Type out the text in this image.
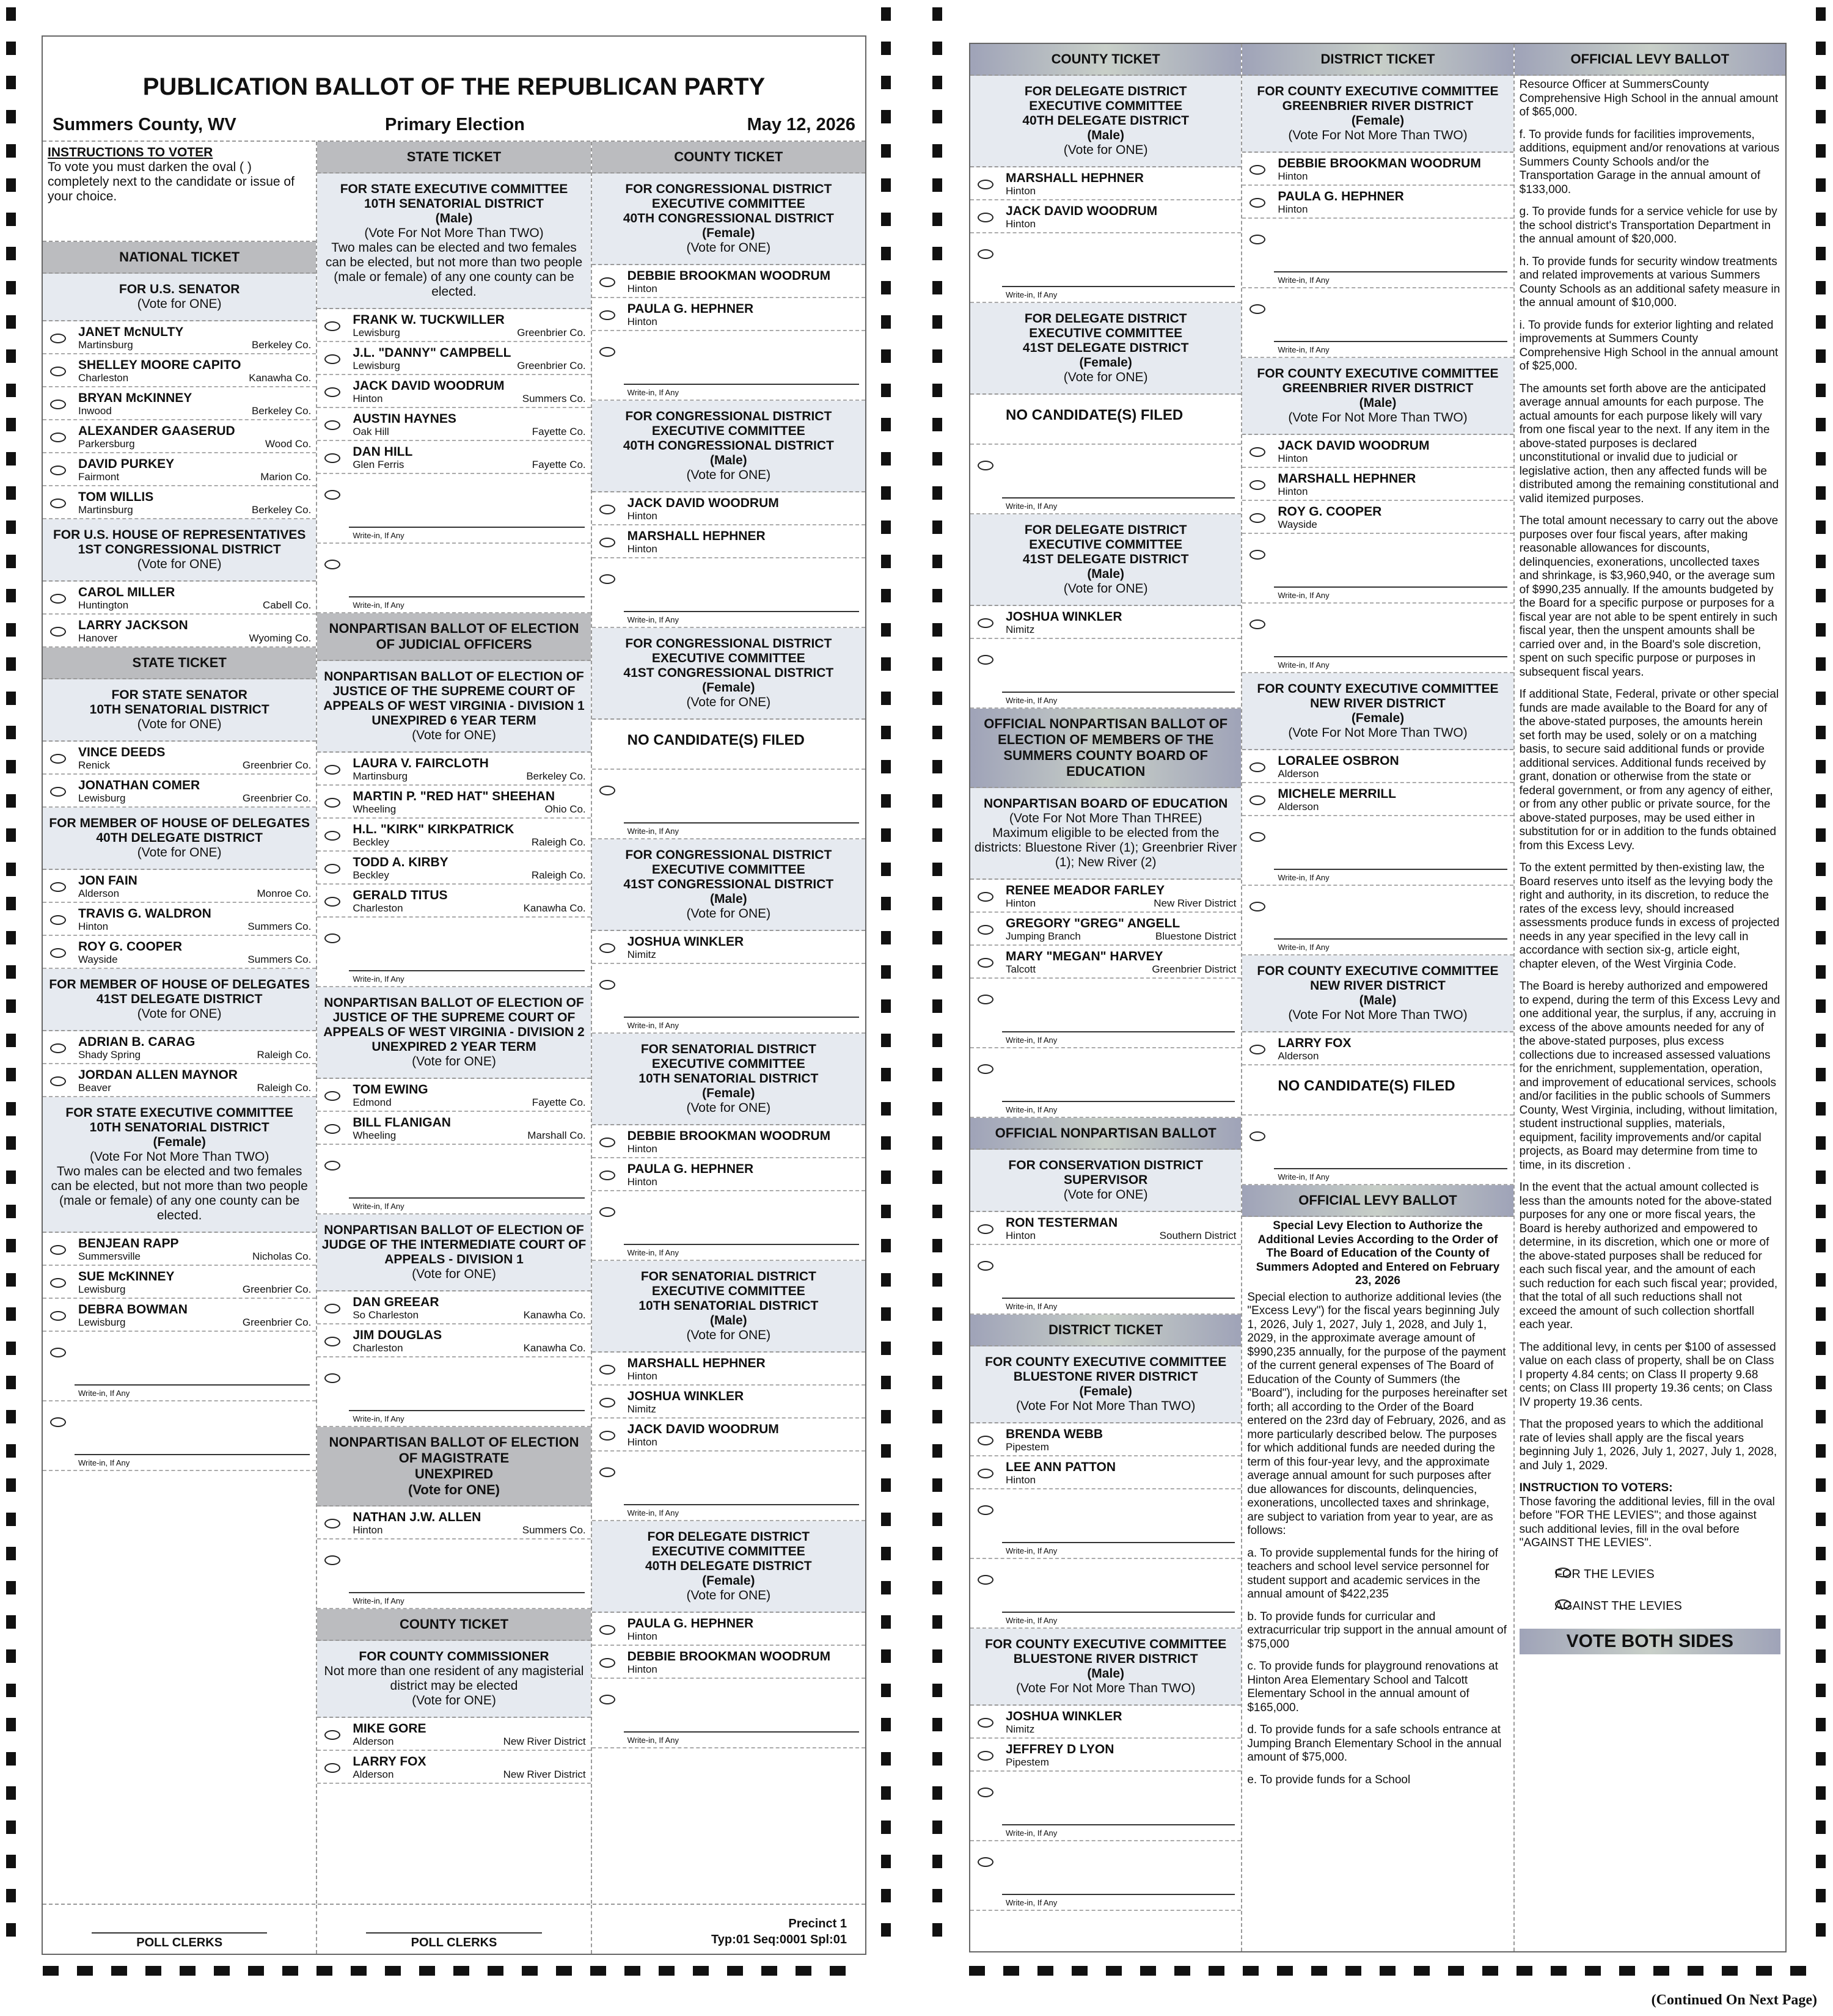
PUBLICATION BALLOT OF THE REPUBLICAN PARTY
Summers County, WV	Primary Election	May 12, 2026
INSTRUCTIONS TO VOTER
To vote you must darken the oval ( ) completely next to the candidate or issue of your choice.
NATIONAL TICKET
FOR U.S. SENATOR
(Vote for ONE)
JANET McNULTY
Martinsburg	Berkeley Co.
SHELLEY MOORE CAPITO
Charleston	Kanawha Co.
BRYAN McKINNEY
Inwood	Berkeley Co.
ALEXANDER GAASERUD
Parkersburg	Wood Co.
DAVID PURKEY
Fairmont	Marion Co.
TOM WILLIS
Martinsburg	Berkeley Co.
FOR U.S. HOUSE OF REPRESENTATIVES
1ST CONGRESSIONAL DISTRICT
(Vote for ONE)
CAROL MILLER
Huntington	Cabell Co.
LARRY JACKSON
Hanover	Wyoming Co.
STATE TICKET
FOR STATE SENATOR
10TH SENATORIAL DISTRICT
(Vote for ONE)
VINCE DEEDS
Renick	Greenbrier Co.
JONATHAN COMER
Lewisburg	Greenbrier Co.
FOR MEMBER OF HOUSE OF DELEGATES
40TH DELEGATE DISTRICT
(Vote for ONE)
JON FAIN
Alderson	Monroe Co.
TRAVIS G. WALDRON
Hinton	Summers Co.
ROY G. COOPER
Wayside	Summers Co.
FOR MEMBER OF HOUSE OF DELEGATES
41ST DELEGATE DISTRICT
(Vote for ONE)
ADRIAN B. CARAG
Shady Spring	Raleigh Co.
JORDAN ALLEN MAYNOR
Beaver	Raleigh Co.
FOR STATE EXECUTIVE COMMITTEE
10TH SENATORIAL DISTRICT
(Female)
(Vote For Not More Than TWO)
Two males can be elected and two females can be elected, but not more than two people (male or female) of any one county can be elected.
BENJEAN RAPP
Summersville	Nicholas Co.
SUE McKINNEY
Lewisburg	Greenbrier Co.
DEBRA BOWMAN
Lewisburg	Greenbrier Co.
Write-in, If Any
Write-in, If Any
STATE TICKET
FOR STATE EXECUTIVE COMMITTEE
10TH SENATORIAL DISTRICT
(Male)
(Vote For Not More Than TWO)
Two males can be elected and two females can be elected, but not more than two people (male or female) of any one county can be elected.
FRANK W. TUCKWILLER
Lewisburg	Greenbrier Co.
J.L. "DANNY" CAMPBELL
Lewisburg	Greenbrier Co.
JACK DAVID WOODRUM
Hinton	Summers Co.
AUSTIN HAYNES
Oak Hill	Fayette Co.
DAN HILL
Glen Ferris	Fayette Co.
Write-in, If Any
Write-in, If Any
NONPARTISAN BALLOT OF ELECTION
OF JUDICIAL OFFICERS
NONPARTISAN BALLOT OF ELECTION OF JUSTICE OF THE SUPREME COURT OF APPEALS OF WEST VIRGINIA - DIVISION 1
UNEXPIRED 6 YEAR TERM
(Vote for ONE)
LAURA V. FAIRCLOTH
Martinsburg	Berkeley Co.
MARTIN P. "RED HAT" SHEEHAN
Wheeling	Ohio Co.
H.L. "KIRK" KIRKPATRICK
Beckley	Raleigh Co.
TODD A. KIRBY
Beckley	Raleigh Co.
GERALD TITUS
Charleston	Kanawha Co.
Write-in, If Any
NONPARTISAN BALLOT OF ELECTION OF JUSTICE OF THE SUPREME COURT OF APPEALS OF WEST VIRGINIA - DIVISION 2
UNEXPIRED 2 YEAR TERM
(Vote for ONE)
TOM EWING
Edmond	Fayette Co.
BILL FLANIGAN
Wheeling	Marshall Co.
Write-in, If Any
NONPARTISAN BALLOT OF ELECTION OF JUDGE OF THE INTERMEDIATE COURT OF APPEALS - DIVISION 1
(Vote for ONE)
DAN GREEAR
So Charleston	Kanawha Co.
JIM DOUGLAS
Charleston	Kanawha Co.
Write-in, If Any
NONPARTISAN BALLOT OF ELECTION
OF MAGISTRATE
UNEXPIRED
(Vote for ONE)
NATHAN J.W. ALLEN
Hinton	Summers Co.
Write-in, If Any
COUNTY TICKET
FOR COUNTY COMMISSIONER
Not more than one resident of any magisterial district may be elected
(Vote for ONE)
MIKE GORE
Alderson	New River District
LARRY FOX
Alderson	New River District
COUNTY TICKET
FOR CONGRESSIONAL DISTRICT
EXECUTIVE COMMITTEE
40TH CONGRESSIONAL DISTRICT
(Female)
(Vote for ONE)
DEBBIE BROOKMAN WOODRUM
Hinton
PAULA G. HEPHNER
Hinton
Write-in, If Any
FOR CONGRESSIONAL DISTRICT
EXECUTIVE COMMITTEE
40TH CONGRESSIONAL DISTRICT
(Male)
(Vote for ONE)
JACK DAVID WOODRUM
Hinton
MARSHALL HEPHNER
Hinton
Write-in, If Any
FOR CONGRESSIONAL DISTRICT
EXECUTIVE COMMITTEE
41ST CONGRESSIONAL DISTRICT
(Female)
(Vote for ONE)
NO CANDIDATE(S) FILED
Write-in, If Any
FOR CONGRESSIONAL DISTRICT
EXECUTIVE COMMITTEE
41ST CONGRESSIONAL DISTRICT
(Male)
(Vote for ONE)
JOSHUA WINKLER
Nimitz
Write-in, If Any
FOR SENATORIAL DISTRICT
EXECUTIVE COMMITTEE
10TH SENATORIAL DISTRICT
(Female)
(Vote for ONE)
DEBBIE BROOKMAN WOODRUM
Hinton
PAULA G. HEPHNER
Hinton
Write-in, If Any
FOR SENATORIAL DISTRICT
EXECUTIVE COMMITTEE
10TH SENATORIAL DISTRICT
(Male)
(Vote for ONE)
MARSHALL HEPHNER
Hinton
JOSHUA WINKLER
Nimitz
JACK DAVID WOODRUM
Hinton
Write-in, If Any
FOR DELEGATE DISTRICT
EXECUTIVE COMMITTEE
40TH DELEGATE DISTRICT
(Female)
(Vote for ONE)
PAULA G. HEPHNER
Hinton
DEBBIE BROOKMAN WOODRUM
Hinton
Write-in, If Any
POLL CLERKS	POLL CLERKS
Precinct 1
Typ:01 Seq:0001 Spl:01
COUNTY TICKET
FOR DELEGATE DISTRICT
EXECUTIVE COMMITTEE
40TH DELEGATE DISTRICT
(Male)
(Vote for ONE)
MARSHALL HEPHNER
Hinton
JACK DAVID WOODRUM
Hinton
Write-in, If Any
FOR DELEGATE DISTRICT
EXECUTIVE COMMITTEE
41ST DELEGATE DISTRICT
(Female)
(Vote for ONE)
NO CANDIDATE(S) FILED
Write-in, If Any
FOR DELEGATE DISTRICT
EXECUTIVE COMMITTEE
41ST DELEGATE DISTRICT
(Male)
(Vote for ONE)
JOSHUA WINKLER
Nimitz
Write-in, If Any
OFFICIAL NONPARTISAN BALLOT OF ELECTION OF MEMBERS OF THE SUMMERS COUNTY BOARD OF EDUCATION
NONPARTISAN BOARD OF EDUCATION
(Vote For Not More Than THREE)
Maximum eligible to be elected from the districts: Bluestone River (1); Greenbrier River (1); New River (2)
RENEE MEADOR FARLEY
Hinton	New River District
GREGORY "GREG" ANGELL
Jumping Branch	Bluestone District
MARY "MEGAN" HARVEY
Talcott	Greenbrier District
Write-in, If Any
Write-in, If Any
OFFICIAL NONPARTISAN BALLOT
FOR CONSERVATION DISTRICT SUPERVISOR
(Vote for ONE)
RON TESTERMAN
Hinton	Southern District
Write-in, If Any
DISTRICT TICKET
FOR COUNTY EXECUTIVE COMMITTEE
BLUESTONE RIVER DISTRICT
(Female)
(Vote For Not More Than TWO)
BRENDA WEBB
Pipestem
LEE ANN PATTON
Hinton
Write-in, If Any
Write-in, If Any
FOR COUNTY EXECUTIVE COMMITTEE
BLUESTONE RIVER DISTRICT
(Male)
(Vote For Not More Than TWO)
JOSHUA WINKLER
Nimitz
JEFFREY D LYON
Pipestem
Write-in, If Any
Write-in, If Any
DISTRICT TICKET
FOR COUNTY EXECUTIVE COMMITTEE
GREENBRIER RIVER DISTRICT
(Female)
(Vote For Not More Than TWO)
DEBBIE BROOKMAN WOODRUM
Hinton
PAULA G. HEPHNER
Hinton
Write-in, If Any
Write-in, If Any
FOR COUNTY EXECUTIVE COMMITTEE
GREENBRIER RIVER DISTRICT
(Male)
(Vote For Not More Than TWO)
JACK DAVID WOODRUM
Hinton
MARSHALL HEPHNER
Hinton
ROY G. COOPER
Wayside
Write-in, If Any
Write-in, If Any
FOR COUNTY EXECUTIVE COMMITTEE
NEW RIVER DISTRICT
(Female)
(Vote For Not More Than TWO)
LORALEE OSBRON
Alderson
MICHELE MERRILL
Alderson
Write-in, If Any
Write-in, If Any
FOR COUNTY EXECUTIVE COMMITTEE
NEW RIVER DISTRICT
(Male)
(Vote For Not More Than TWO)
LARRY FOX
Alderson
NO CANDIDATE(S) FILED
Write-in, If Any
OFFICIAL LEVY BALLOT
Special Levy Election to Authorize the Additional Levies According to the Order of The Board of Education of the County of Summers Adopted and Entered on February 23, 2026

Special election to authorize additional levies (the "Excess Levy") for the fiscal years beginning July 1, 2026, July 1, 2027, July 1, 2028, and July 1, 2029, in the approximate average amount of $990,235 annually, for the purpose of the payment of the current general expenses of The Board of Education of the County of Summers (the "Board"), including for the purposes hereinafter set forth; all according to the Order of the Board entered on the 23rd day of February, 2026, and as more particularly described below. The purposes for which additional funds are needed during the term of this four-year levy, and the approximate average annual amount for such purposes after due allowances for discounts, delinquencies, exonerations, uncollected taxes and shrinkage, are subject to variation from year to year, are as follows:

a. To provide supplemental funds for the hiring of teachers and school level service personnel for student support and academic services in the annual amount of $422,235

b. To provide funds for curricular and extracurricular trip support in the annual amount of $75,000

c. To provide funds for playground renovations at Hinton Area Elementary School and Talcott Elementary School in the annual amount of $165,000.

d. To provide funds for a safe schools entrance at Jumping Branch Elementary School in the annual amount of $75,000.

e. To provide funds for a School

OFFICIAL LEVY BALLOT

Resource Officer at SummersCounty Comprehensive High School in the annual amount of $65,000.

f. To provide funds for facilities improvements, additions, equipment and/or renovations at various Summers County Schools and/or the Transportation Garage in the annual amount of $133,000.

g. To provide funds for a service vehicle for use by the school district's Transportation Department in the annual amount of $20,000.

h. To provide funds for security window treatments and related improvements at various Summers County Schools as an additional safety measure in the annual amount of $10,000.

i. To provide funds for exterior lighting and related improvements at Summers County Comprehensive High School in the annual amount of $25,000.

The amounts set forth above are the anticipated average annual amounts for each purpose. The actual amounts for each purpose likely will vary from one fiscal year to the next. If any item in the above-stated purposes is declared unconstitutional or invalid due to judicial or legislative action, then any affected funds will be distributed among the remaining constitutional and valid itemized purposes.

The total amount necessary to carry out the above purposes over four fiscal years, after making reasonable allowances for discounts, delinquencies, exonerations, uncollected taxes and shrinkage, is $3,960,940, or the average sum of $990,235 annually. If the amounts budgeted by the Board for a specific purpose or purposes for a fiscal year are not able to be spent entirely in such fiscal year, then the unspent amounts shall be carried over and, in the Board's sole discretion, spent on such specific purpose or purposes in subsequent fiscal years.

If additional State, Federal, private or other special funds are made available to the Board for any of the above-stated purposes, the amounts herein set forth may be used, solely or on a matching basis, to secure said additional funds or provide additional services. Additional funds received by grant, donation or otherwise from the state or federal government, or from any agency of either, or from any other public or private source, for the above-stated purposes, may be used either in substitution for or in addition to the funds obtained from this Excess Levy.

To the extent permitted by then-existing law, the Board reserves unto itself as the levying body the right and authority, in its discretion, to reduce the rates of the excess levy, should increased assessments produce funds in excess of projected needs in any year specified in the levy call in accordance with section six-g, article eight, chapter eleven, of the West Virginia Code.

The Board is hereby authorized and empowered to expend, during the term of this Excess Levy and one additional year, the surplus, if any, accruing in excess of the above amounts needed for any of the above-stated purposes, plus excess collections due to increased assessed valuations for the enrichment, supplementation, operation, and improvement of educational services, schools and/or facilities in the public schools of Summers County, West Virginia, including, without limitation, student instructional supplies, materials, equipment, facility improvements and/or capital projects, as Board may determine from time to time, in its discretion .

In the event that the actual amount collected is less than the amounts noted for the above-stated purposes for any one or more fiscal years, the Board is hereby authorized and empowered to determine, in its discretion, which one or more of the above-stated purposes shall be reduced for each such fiscal year, and the amount of each such reduction for each such fiscal year; provided, that the total of all such reductions shall not exceed the amount of such collection shortfall each year.

The additional levy, in cents per $100 of assessed value on each class of property, shall be on Class I property 4.84 cents; on Class II property 9.68 cents; on Class III property 19.36 cents; on Class IV property 19.36 cents.

That the proposed years to which the additional rate of levies shall apply are the fiscal years beginning July 1, 2026, July 1, 2027, July 1, 2028, and July 1, 2029.

INSTRUCTION TO VOTERS:

Those favoring the additional levies, fill in the oval before "FOR THE LEVIES"; and those against such additional levies, fill in the oval before "AGAINST THE LEVIES".

FOR THE LEVIES
AGAINST THE LEVIES
VOTE BOTH SIDES
(Continued On Next Page)
